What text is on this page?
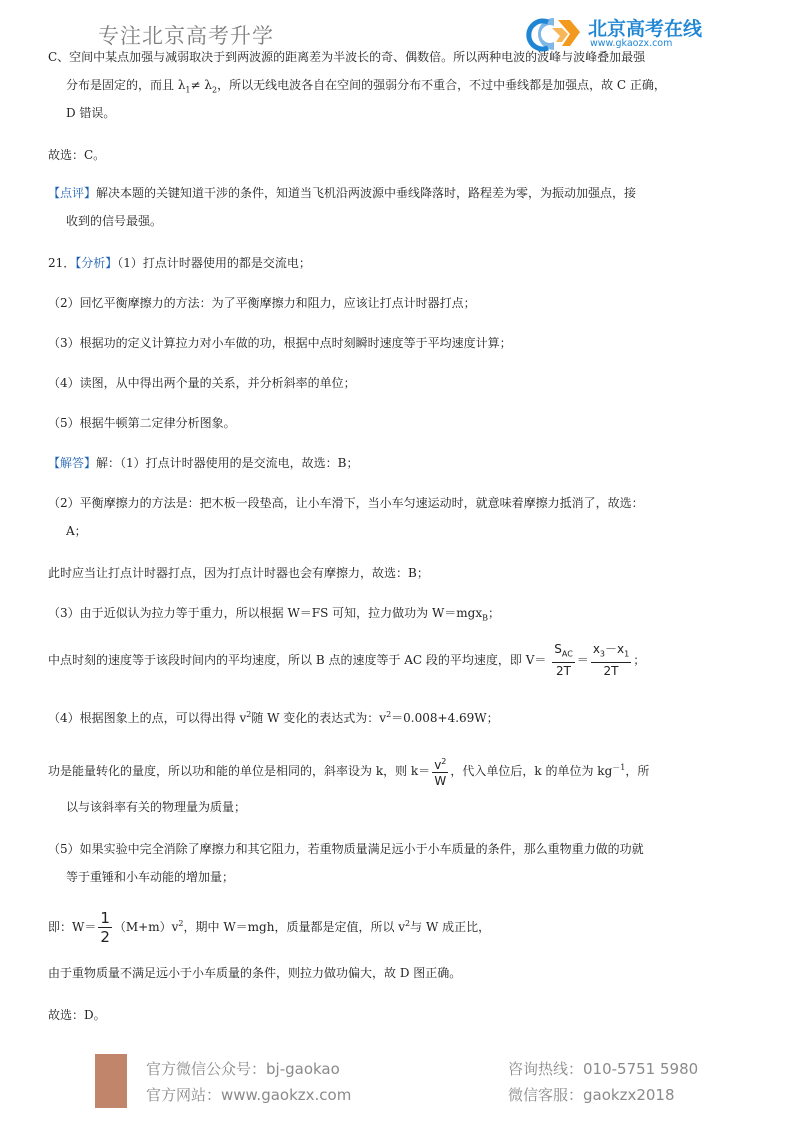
专注北京高考升学	北京高考在线
www.gkaozx.com
C、空间中某点加强与减弱取决于到两波源的距离差为半波长的奇、偶数倍。所以两种电波的波峰与波峰叠加最强
分布是固定的，而且 $\lambda_1\ne \lambda_2$，所以无线电波各自在空间的强弱分布不重合，不过中垂线都是加强点，故 C 正确，
D 错误。
故选：C。
【点评】解决本题的关键知道干涉的条件，知道当飞机沿两波源中垂线降落时，路程差为零，为振动加强点，接
收到的信号最强。
21．【分析】（1）打点计时器使用的都是交流电；
（2）回忆平衡摩擦力的方法：为了平衡摩擦力和阻力，应该让打点计时器打点；
（3）根据功的定义计算拉力对小车做的功，根据中点时刻瞬时速度等于平均速度计算；
（4）读图，从中得出两个量的关系，并分析斜率的单位；
（5）根据牛顿第二定律分析图象。
【解答】解：（1）打点计时器使用的是交流电，故选：B；
（2）平衡摩擦力的方法是：把木板一段垫高，让小车滑下，当小车匀速运动时，就意味着摩擦力抵消了，故选：
A；
此时应当让打点计时器打点，因为打点计时器也会有摩擦力，故选：B；
（3）由于近似认为拉力等于重力，所以根据 W＝FS 可知，拉力做功为 W＝mgx$_B$；
中点时刻的速度等于该段时间内的平均速度，所以 B 点的速度等于 AC 段的平均速度，即 $V= \frac{S_{AC}}{2T} = \frac{x_3-x_1}{2T}$ ；
（4）根据图象上的点，可以得出得 $v^2$随 W 变化的表达式为：$v^2=0.008+4.69W$；
功是能量转化的量度，所以功和能的单位是相同的，斜率设为 k，则 $k= \frac{v^2}{W}$ ，代入单位后，k 的单位为 $kg^{-1}$，所
以与该斜率有关的物理量为质量；
（5）如果实验中完全消除了摩擦力和其它阻力，若重物质量满足远小于小车质量的条件，那么重物重力做的功就
等于重锤和小车动能的增加量；
即：$W= \frac{1}{2} (M+m)v^2$，期中 W＝mgh，质量都是定值，所以 $v^2$与 W 成正比，
由于重物质量不满足远小于小车质量的条件，则拉力做功偏大，故 D 图正确。
故选：D。
官方微信公众号：bj-gaokao
官方网站：www.gaokzx.com
咨询热线：010-5751 5980
微信客服：gaokzx2018
